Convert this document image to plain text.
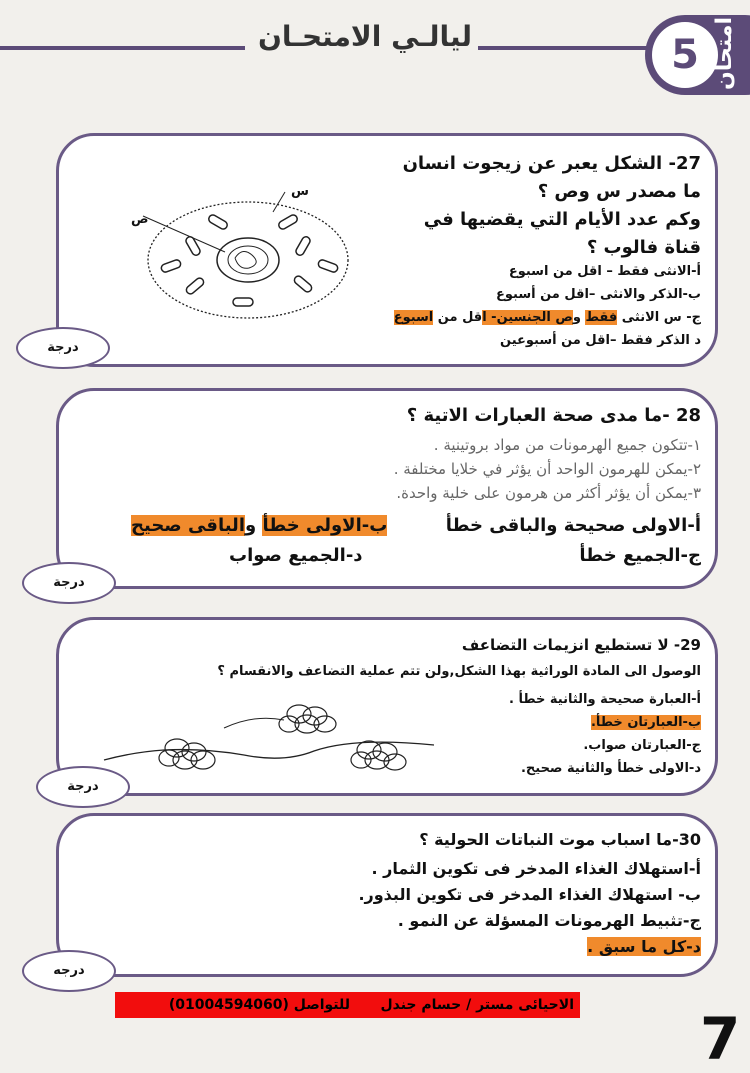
ليالـي الامتحـان	5 امتحان
27- الشكل يعبر عن زيجوت انسان
ما مصدر س وص ؟
وكم عدد الأيام التي يقضيها في
قناة فالوب ؟
أ-الانثى فقط – اقل من اسبوع
ب-الذكر والانثى –اقل من أسبوع
ج- س الانثى فقط وص الجنسين- اقل من اسبوع
د الذكر فقط –اقل من أسبوعين
س
ص
درجة
28 -ما مدى صحة العبارات الاتية ؟
١-تتكون جميع الهرمونات من مواد بروتينية .
٢-يمكن للهرمون الواحد أن يؤثر في خلايا مختلفة .
٣-يمكن أن يؤثر أكثر من هرمون على خلية واحدة.
أ-الاولى صحيحة والباقى خطأ
ب-الاولى خطأ والباقى صحيح
ج-الجميع خطأ
د-الجميع صواب
درجة
29- لا تستطيع انزيمات التضاعف
الوصول الى المادة الوراثية بهذا الشكل,ولن تتم عملية التضاعف والانقسام ؟
أ-العبارة صحيحة والثانية خطأ .
ب-العبارتان خطأ.
ج-العبارتان صواب.
د-الاولى خطأ والثانية صحيح.
درجة
30-ما اسباب موت النباتات الحولية ؟
أ-استهلاك الغذاء المدخر فى تكوين الثمار .
ب- استهلاك الغذاء المدخر فى تكوين البذور.
ج-تثبيط الهرمونات المسؤلة عن النمو .
د-كل ما سبق .
درجه
الاحيائى مستر / حسام جندل
للتواصل (01004594060)	7
